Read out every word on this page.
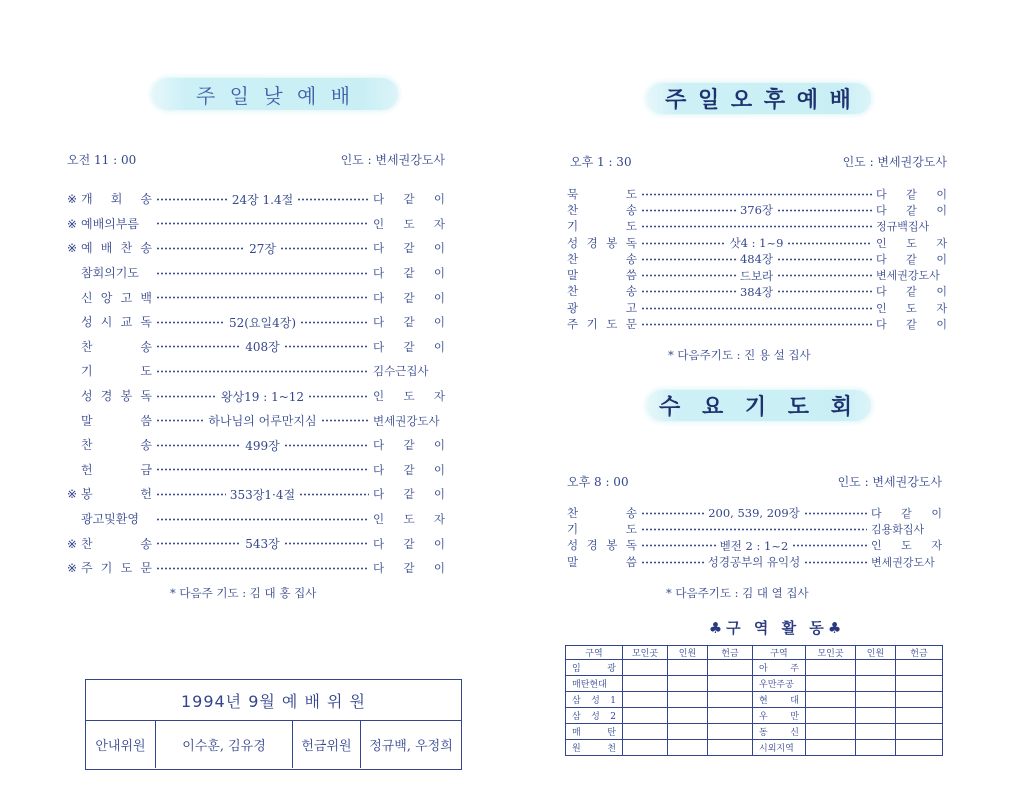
주 일 낮 예 배
오전 11 : 00	인도 : 변세권강도사
※ 개 회 송	24장 1.4절	다 같 이
※ 예배의부름	인 도 자
※ 예 배 찬 송	27장	다 같 이
참회의기도	다 같 이
신 앙 고 백	다 같 이
성 시 교 독	52(요일4장)	다 같 이
찬 송	408장	다 같 이
기 도	김수근집사
성 경 봉 독	왕상19 : 1~12	인 도 자
말 씀	하나님의 어루만지심	변세권강도사
찬 송	499장	다 같 이
헌 금	다 같 이
※ 봉 헌	353장1·4절	다 같 이
광고및환영	인 도 자
※ 찬 송	543장	다 같 이
※ 주 기 도 문	다 같 이
* 다음주 기도 : 김 대 홍 집사
1994년 9월 예 배 위 원
안내위원	이수훈, 김유경	헌금위원	정규백, 우정희
주 일 오 후 예 배
오후 1 : 30	인도 : 변세권강도사
묵 도	다 같 이
찬 송	376장	다 같 이
기 도	정규백집사
성 경 봉 독	삿4 : 1~9	인 도 자
찬 송	484장	다 같 이
말 씀	드보라	변세권강도사
찬 송	384장	다 같 이
광 고	인 도 자
주 기 도 문	다 같 이
* 다음주기도 : 진 용 설 집사
수 요 기 도 회
오후 8 : 00	인도 : 변세권강도사
찬 송	200, 539, 209장	다 같 이
기 도	김용화집사
성 경 봉 독	벧전 2 : 1~2	인 도 자
말 씀	성경공부의 유익성	변세권강도사
* 다음주기도 : 김 대 열 집사
♣ 구 역 활 동♣
구역	모인곳	인원	헌금	구역	모인곳	인원	헌금
임 광				아 주			
매탄현대				우만주공			
삼 성 1				현 대			
삼 성 2				우 만			
매 탄				동 신			
원 천				시외지역			
